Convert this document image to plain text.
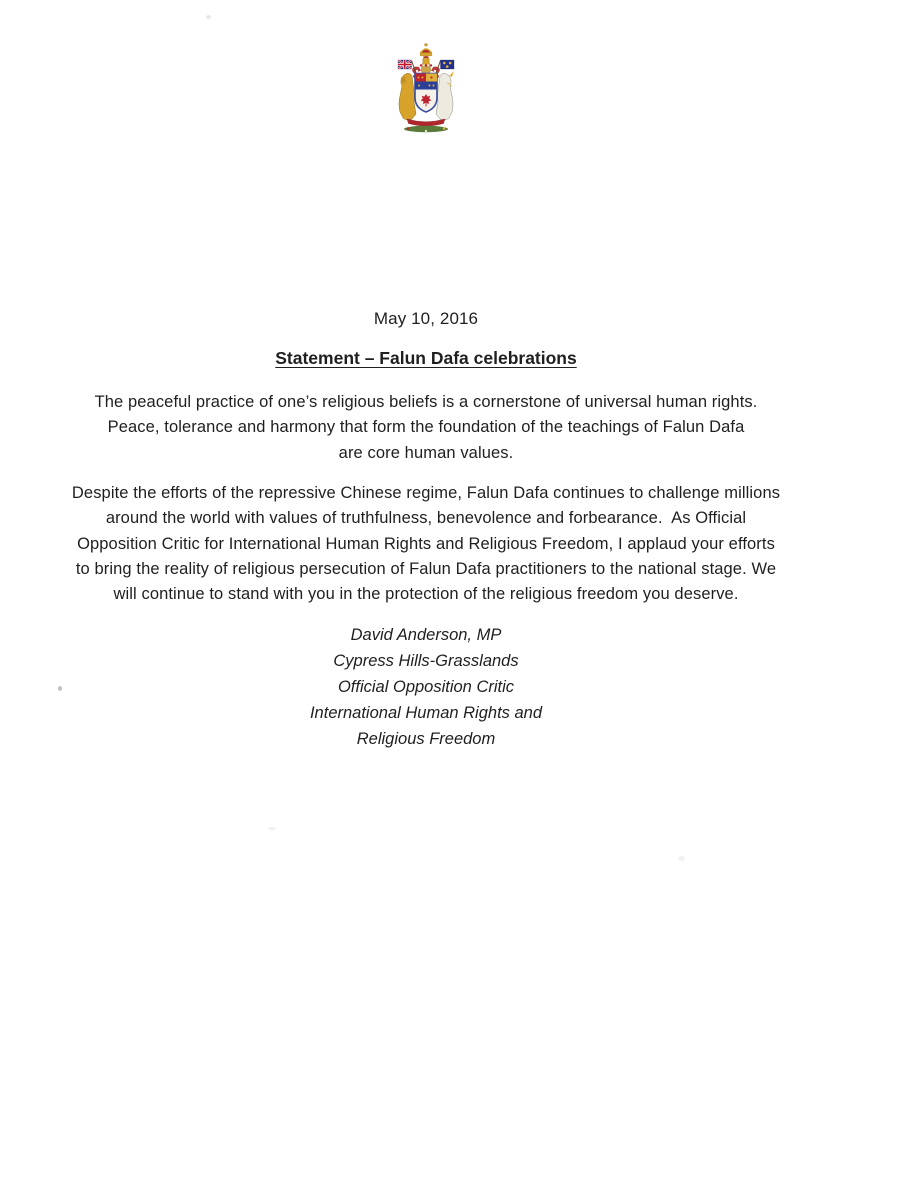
May 10, 2016
Statement – Falun Dafa celebrations
The peaceful practice of one’s religious beliefs is a cornerstone of universal human rights.
Peace, tolerance and harmony that form the foundation of the teachings of Falun Dafa
are core human values.
Despite the efforts of the repressive Chinese regime, Falun Dafa continues to challenge millions
around the world with values of truthfulness, benevolence and forbearance.  As Official
Opposition Critic for International Human Rights and Religious Freedom, I applaud your efforts
to bring the reality of religious persecution of Falun Dafa practitioners to the national stage. We
will continue to stand with you in the protection of the religious freedom you deserve.
David Anderson, MP
Cypress Hills-Grasslands
Official Opposition Critic
International Human Rights and
Religious Freedom
